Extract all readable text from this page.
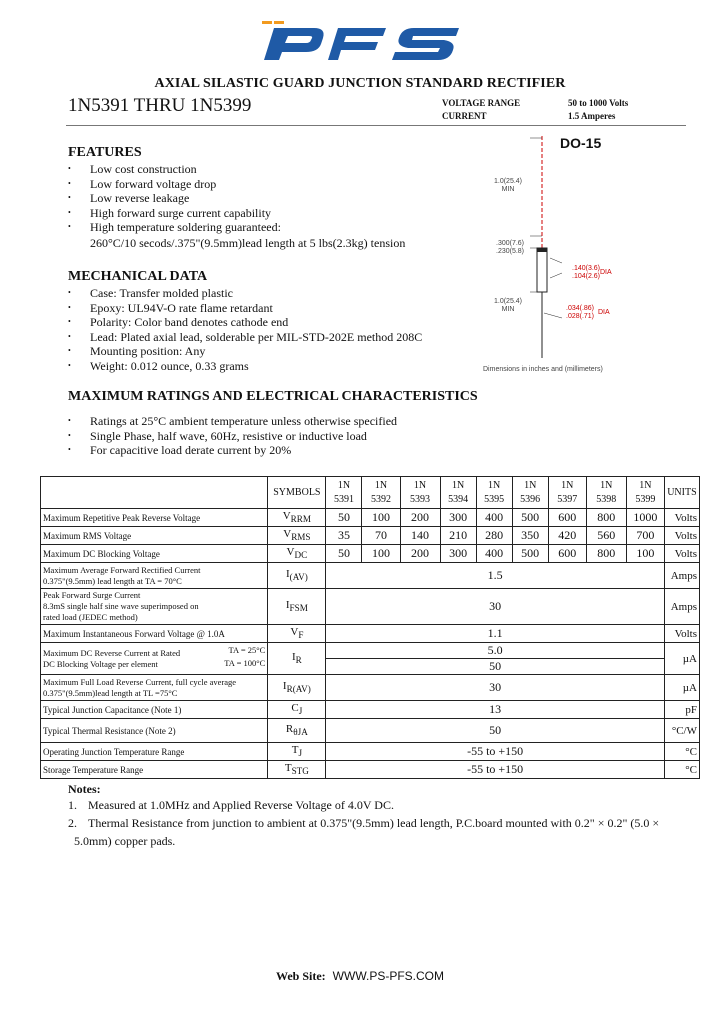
AXIAL SILASTIC GUARD JUNCTION STANDARD RECTIFIER
1N5391 THRU 1N5399	VOLTAGE RANGE	50 to 1000 Volts
CURRENT	1.5 Amperes
FEATURES
• Low cost construction
• Low forward voltage drop
• Low reverse leakage
• High forward surge current capability
• High temperature soldering guaranteed:
260°C/10 secods/.375"(9.5mm)lead length at 5 lbs(2.3kg) tension
MECHANICAL DATA
• Case: Transfer molded plastic
• Epoxy: UL94V-O rate flame retardant
• Polarity: Color band denotes cathode end
• Lead: Plated axial lead, solderable per MIL-STD-202E method 208C
• Mounting position: Any
• Weight: 0.012 ounce, 0.33 grams
DO-15
1.0(25.4)
MIN
.300(7.6)
.230(5.8)
.140(3.6)
.104(2.6)
DIA
1.0(25.4)
MIN	.034(.86)
.028(.71)
DIA
Dimensions in inches and (millimeters)
MAXIMUM RATINGS AND ELECTRICAL CHARACTERISTICS
• Ratings at 25°C ambient temperature unless otherwise specified
• Single Phase, half wave, 60Hz, resistive or inductive load
• For capacitive load derate current by 20%
	SYMBOLS	1N
5391	1N
5392	1N
5393	1N
5394	1N
5395	1N
5396	1N
5397	1N
5398	1N
5399	UNITS
Maximum Repetitive Peak Reverse Voltage	$V_{RRM}$	50	100	200	300	400	500	600	800	1000	Volts
Maximum RMS Voltage	$V_{RMS}$	35	70	140	210	280	350	420	560	700	Volts
Maximum DC Blocking Voltage	$V_{DC}$	50	100	200	300	400	500	600	800	100	Volts

Maximum Average Forward Rectified Current
0.375"(9.5mm) lead length at TA = 70°C	$I_{(AV)}$	1.5									Amps

Peak Forward Surge Current
8.3mS single half sine wave superimposed on
rated load (JEDEC method)	$I_{FSM}$	30									Amps
Maximum Instantaneous Forward Voltage @ 1.0A	$V_F$	1.1									Volts

Maximum DC Reverse Current at Rated
DC Blocking Voltage per element
TA = 25°C
TA = 100°C	$I_R$	5.0									µA
		50									

Maximum Full Load Reverse Current, full cycle average
0.375"(9.5mm)lead length at TL =75°C	$I_{R(AV)}$	30									µA
Typical Junction Capacitance (Note 1)	$C_J$	13									pF
Typical Thermal Resistance (Note 2)	$R_{\theta JA}$	50									°C/W
Operating Junction Temperature Range	$T_J$	-55 to +150									°C
Storage Temperature Range	$T_{STG}$	-55 to +150									°C
Notes:
1. Measured at 1.0MHz and Applied Reverse Voltage of 4.0V DC.
2. Thermal Resistance from junction to ambient at 0.375"(9.5mm) lead length, P.C.board mounted with 0.2" × 0.2" (5.0 ×
5.0mm) copper pads.
Web Site: WWW.PS-PFS.COM
